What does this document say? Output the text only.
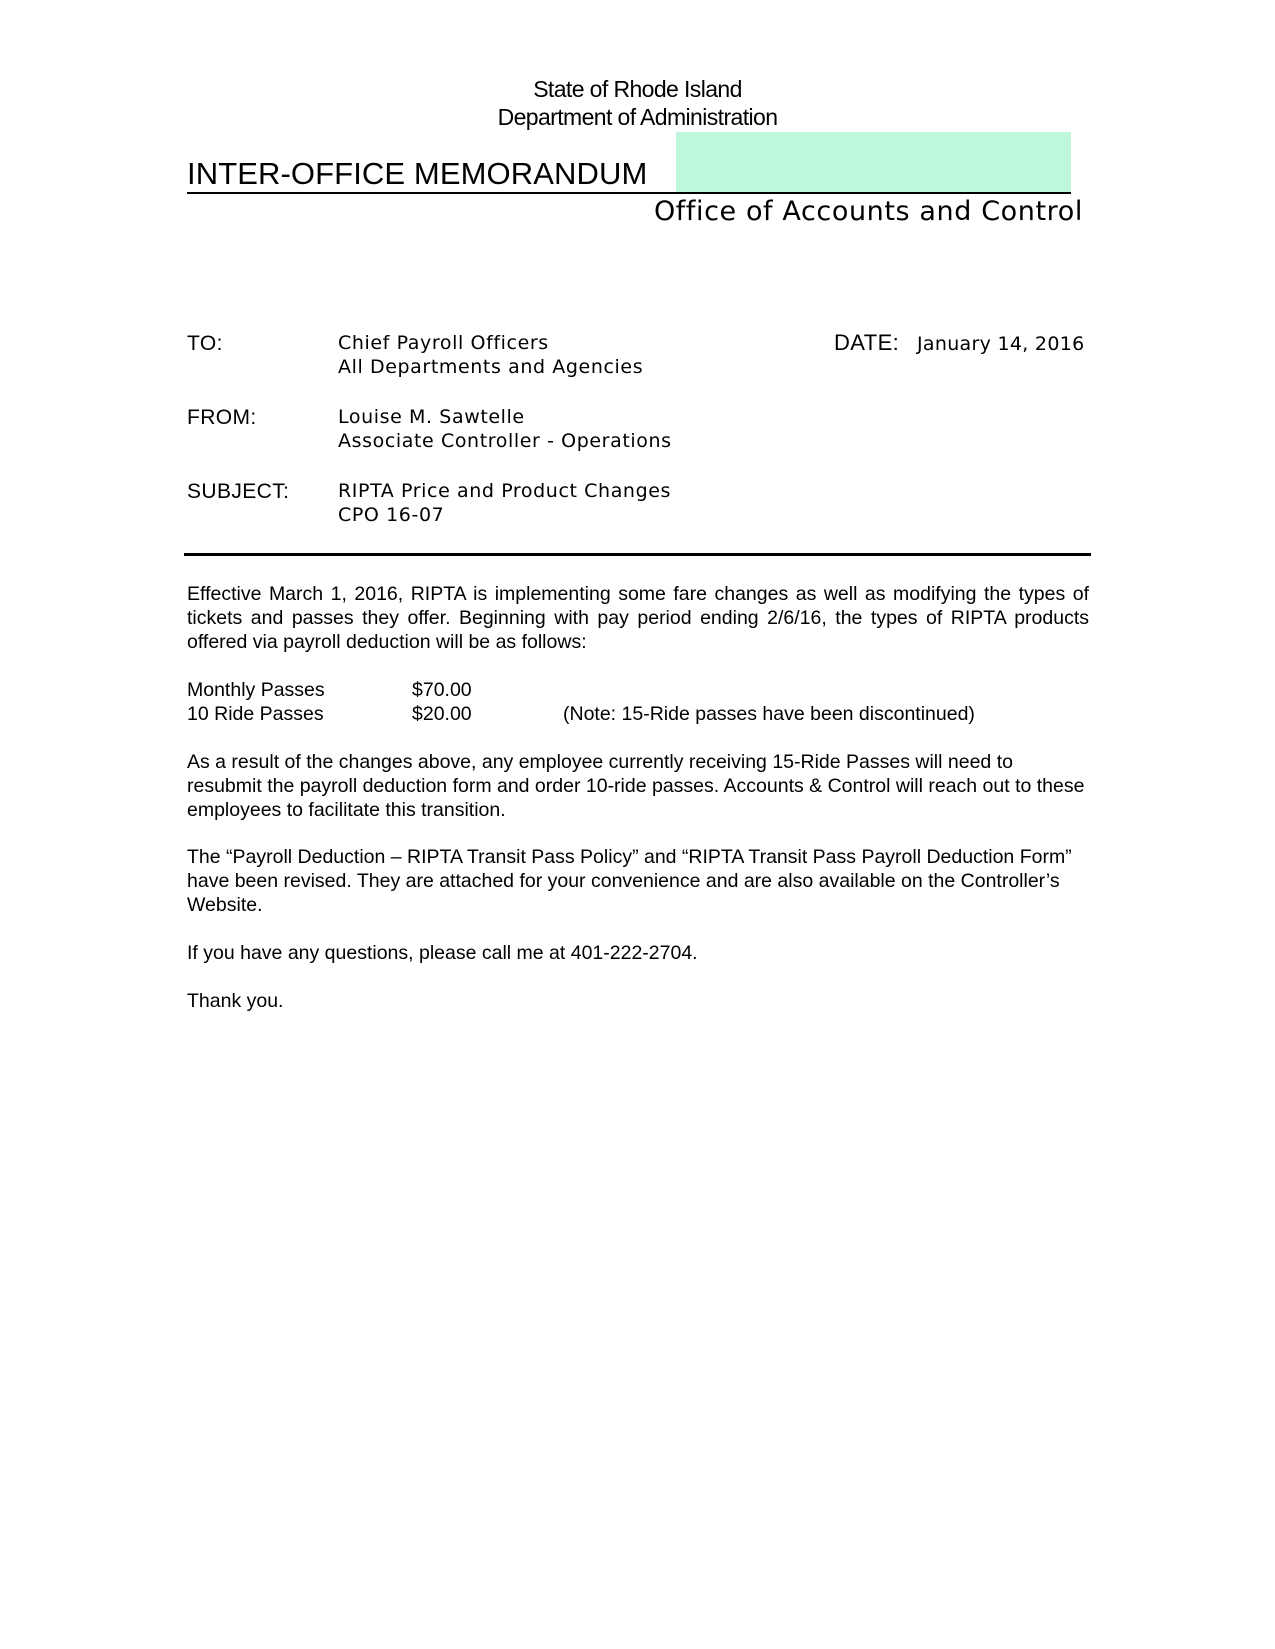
State of Rhode Island
Department of Administration
INTER-OFFICE MEMORANDUM
Office of Accounts and Control
TO:	Chief Payroll Officers
All Departments and Agencies
DATE: January 14, 2016
FROM:	Louise M. Sawtelle
Associate Controller - Operations
SUBJECT:	RIPTA Price and Product Changes
CPO 16-07
Effective March 1, 2016, RIPTA is implementing some fare changes as well as modifying the types of tickets and passes they offer. Beginning with pay period ending 2/6/16, the types of RIPTA products offered via payroll deduction will be as follows:
Monthly Passes	$70.00
10 Ride Passes	$20.00	(Note: 15-Ride passes have been discontinued)
As a result of the changes above, any employee currently receiving 15-Ride Passes will need to resubmit the payroll deduction form and order 10-ride passes. Accounts & Control will reach out to these employees to facilitate this transition.
The “Payroll Deduction – RIPTA Transit Pass Policy” and “RIPTA Transit Pass Payroll Deduction Form” have been revised. They are attached for your convenience and are also available on the Controller’s Website.
If you have any questions, please call me at 401-222-2704.
Thank you.
